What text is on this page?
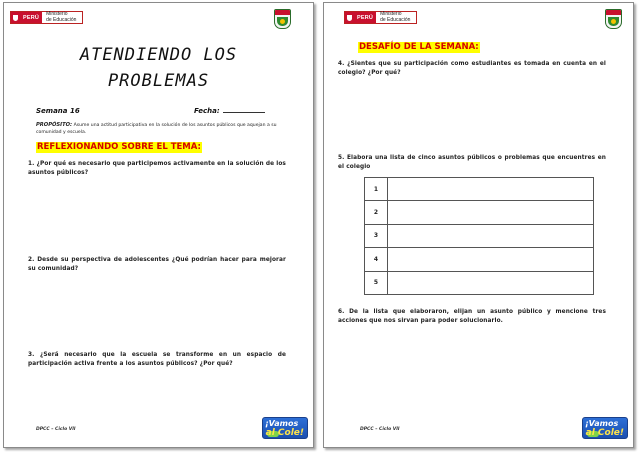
PERÚ
Ministerio
de Educación
ATENDIENDO LOS
PROBLEMAS
Semana 16	Fecha:
PROPÓSITO: Asume una actitud participativa en la solución de los asuntos públicos que aquejan a su comunidad y escuela.
REFLEXIONANDO SOBRE EL TEMA:
1. ¿Por qué es necesario que participemos activamente en la solución de los asuntos públicos?
2. Desde su perspectiva de adolescentes ¿Qué podrían hacer para mejorar su comunidad?
3. ¿Será necesario que la escuela se transforme en un espacio de participación activa frente a los asuntos públicos? ¿Por qué?
DPCC – Ciclo VII
¡Vamos
al Cole!
PERÚ
Ministerio
de Educación
DESAFÍO DE LA SEMANA:
4. ¿Sientes que su participación como estudiantes es tomada en cuenta en el colegio? ¿Por qué?
5. Elabora una lista de cinco asuntos públicos o problemas que encuentres en el colegio
1	
2	
3	
4	
5	
6. De la lista que elaboraron, elijan un asunto público y mencione tres acciones que nos sirvan para poder solucionarlo.
DPCC – Ciclo VII
¡Vamos
al Cole!
